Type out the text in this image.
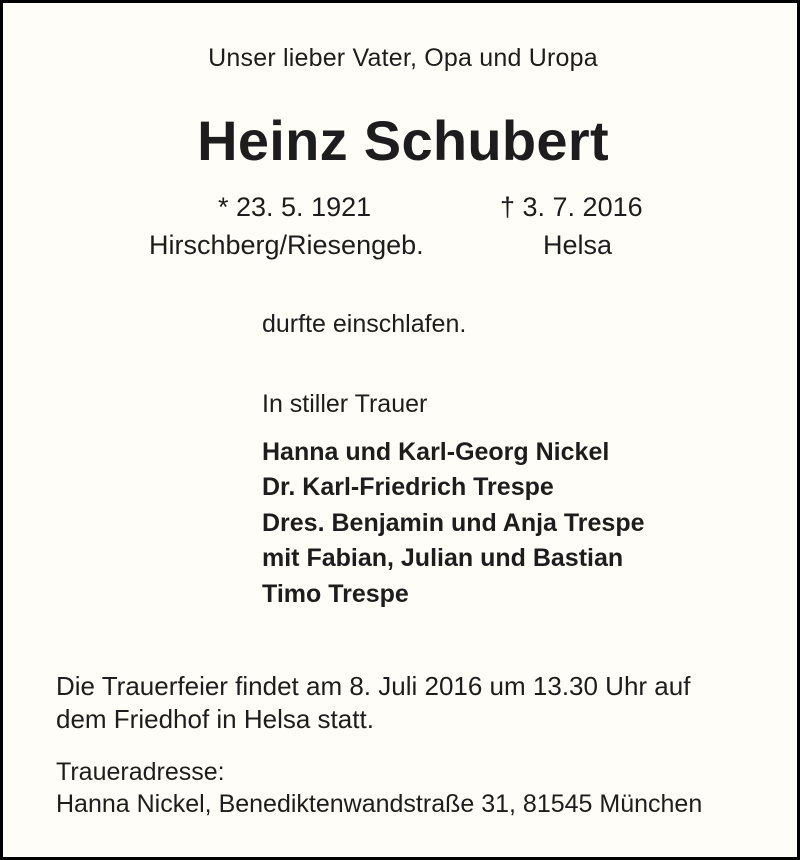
Unser lieber Vater, Opa und Uropa
Heinz Schubert
* 23. 5. 1921	† 3. 7. 2016
Hirschberg/Riesengeb.	Helsa
durfte einschlafen.
In stiller Trauer
Hanna und Karl-Georg Nickel
Dr. Karl-Friedrich Trespe
Dres. Benjamin und Anja Trespe
mit Fabian, Julian und Bastian
Timo Trespe
Die Trauerfeier findet am 8. Juli 2016 um 13.30 Uhr auf
dem Friedhof in Helsa statt.
Traueradresse:
Hanna Nickel, Benediktenwandstraße 31, 81545 München
